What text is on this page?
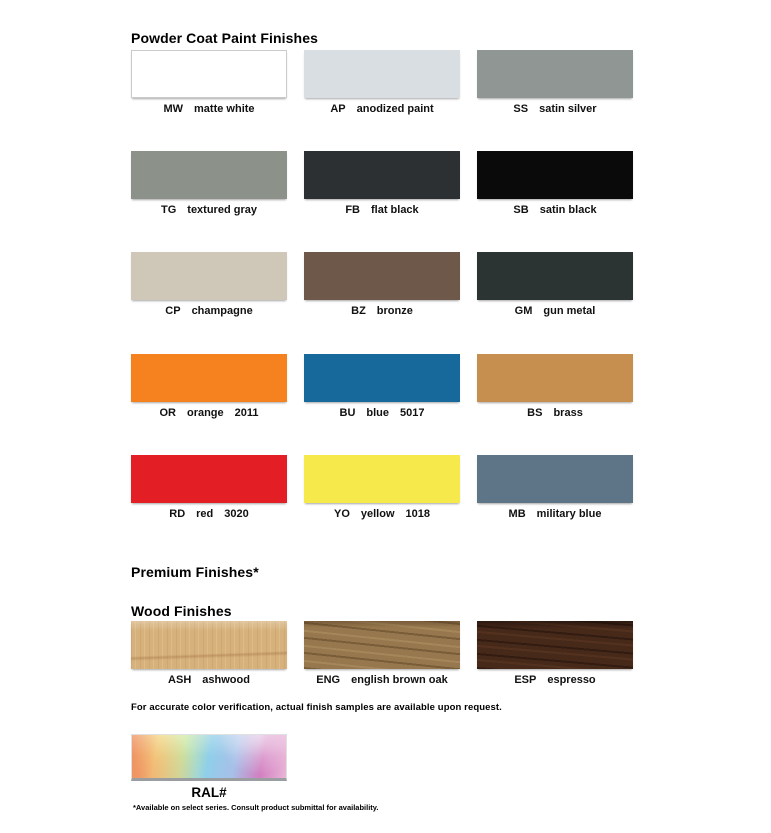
Powder Coat Paint Finishes
MW matte white	AP anodized paint	SS satin silver
TG textured gray	FB flat black	SB satin black
CP champagne	BZ bronze	GM gun metal
OR orange 2011	BU blue 5017	BS brass
RD red 3020	YO yellow 1018	MB military blue
Premium Finishes*
Wood Finishes
ASH ashwood	ENG english brown oak	ESP espresso

For accurate color verification, actual finish samples are available upon request.

RAL#

*Available on select series. Consult product submittal for availability.
